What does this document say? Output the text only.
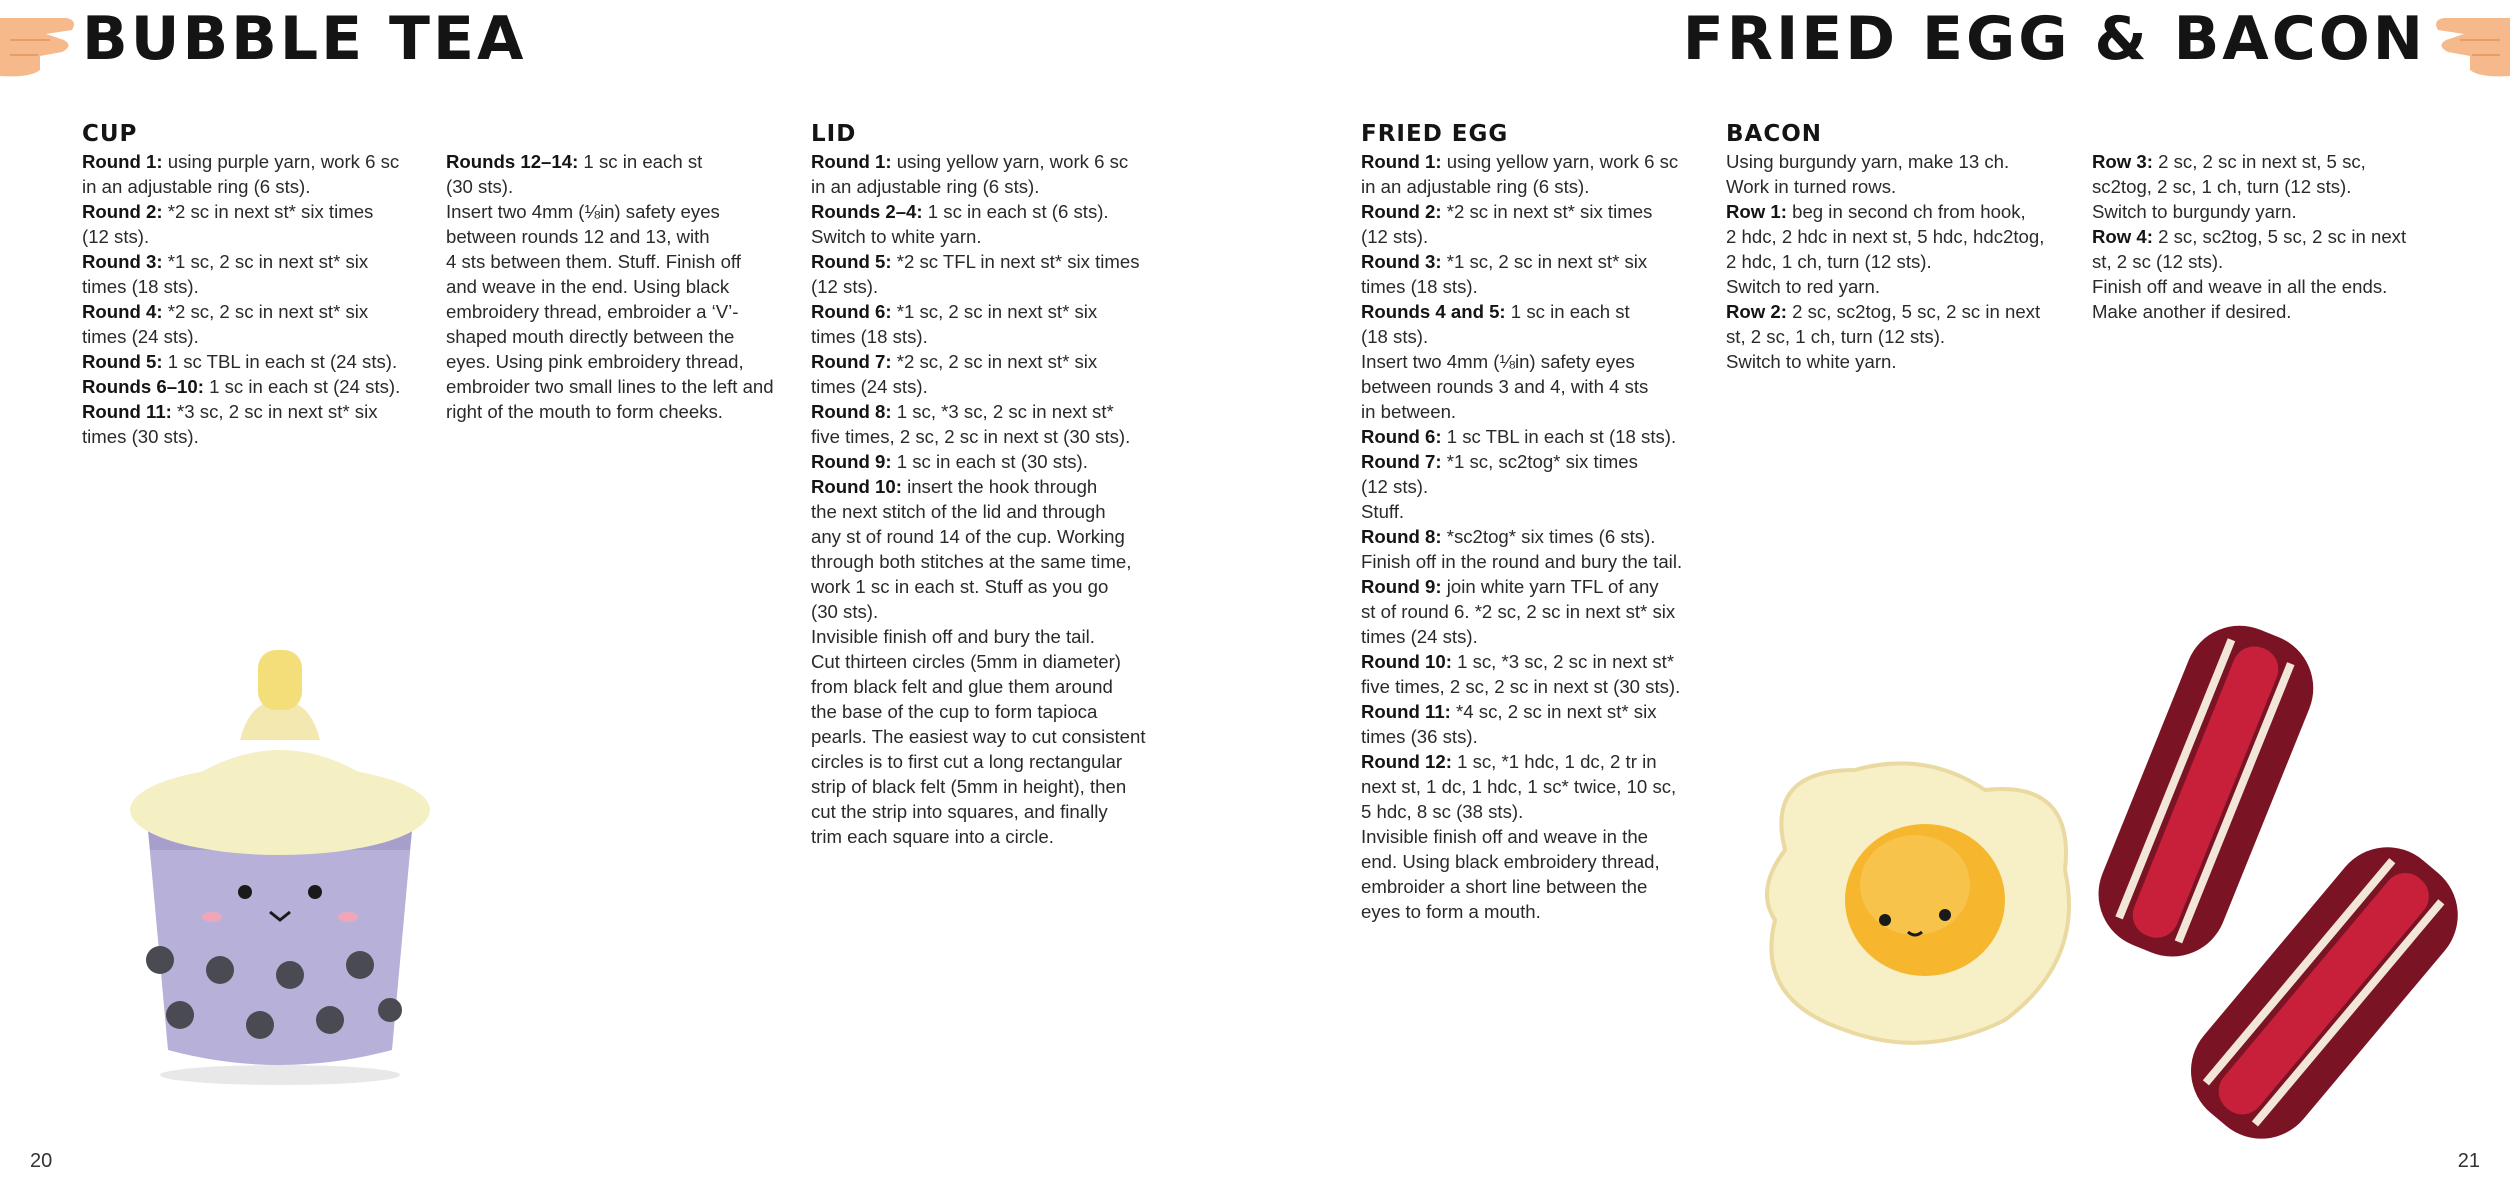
BUBBLE TEA
CUP
Round 1: using purple yarn, work 6 sc
in an adjustable ring (6 sts).
Round 2: *2 sc in next st* six times
(12 sts).
Round 3: *1 sc, 2 sc in next st* six
times (18 sts).
Round 4: *2 sc, 2 sc in next st* six
times (24 sts).
Round 5: 1 sc TBL in each st (24 sts).
Rounds 6–10: 1 sc in each st (24 sts).
Round 11: *3 sc, 2 sc in next st* six
times (30 sts).
Rounds 12–14: 1 sc in each st
(30 sts).
Insert two 4mm (⅛in) safety eyes
between rounds 12 and 13, with
4 sts between them. Stuff. Finish off
and weave in the end. Using black
embroidery thread, embroider a ‘V’-
shaped mouth directly between the
eyes. Using pink embroidery thread,
embroider two small lines to the left and
right of the mouth to form cheeks.
LID
Round 1: using yellow yarn, work 6 sc
in an adjustable ring (6 sts).
Rounds 2–4: 1 sc in each st (6 sts).
Switch to white yarn.
Round 5: *2 sc TFL in next st* six times
(12 sts).
Round 6: *1 sc, 2 sc in next st* six
times (18 sts).
Round 7: *2 sc, 2 sc in next st* six
times (24 sts).
Round 8: 1 sc, *3 sc, 2 sc in next st*
five times, 2 sc, 2 sc in next st (30 sts).
Round 9: 1 sc in each st (30 sts).
Round 10: insert the hook through
the next stitch of the lid and through
any st of round 14 of the cup. Working
through both stitches at the same time,
work 1 sc in each st. Stuff as you go
(30 sts).
Invisible finish off and bury the tail.
Cut thirteen circles (5mm in diameter)
from black felt and glue them around
the base of the cup to form tapioca
pearls. The easiest way to cut consistent
circles is to first cut a long rectangular
strip of black felt (5mm in height), then
cut the strip into squares, and finally
trim each square into a circle.
20
FRIED EGG & BACON
FRIED EGG
Round 1: using yellow yarn, work 6 sc
in an adjustable ring (6 sts).
Round 2: *2 sc in next st* six times
(12 sts).
Round 3: *1 sc, 2 sc in next st* six
times (18 sts).
Rounds 4 and 5: 1 sc in each st
(18 sts).
Insert two 4mm (⅛in) safety eyes
between rounds 3 and 4, with 4 sts
in between.
Round 6: 1 sc TBL in each st (18 sts).
Round 7: *1 sc, sc2tog* six times
(12 sts).
Stuff.
Round 8: *sc2tog* six times (6 sts).
Finish off in the round and bury the tail.
Round 9: join white yarn TFL of any
st of round 6. *2 sc, 2 sc in next st* six
times (24 sts).
Round 10: 1 sc, *3 sc, 2 sc in next st*
five times, 2 sc, 2 sc in next st (30 sts).
Round 11: *4 sc, 2 sc in next st* six
times (36 sts).
Round 12: 1 sc, *1 hdc, 1 dc, 2 tr in
next st, 1 dc, 1 hdc, 1 sc* twice, 10 sc,
5 hdc, 8 sc (38 sts).
Invisible finish off and weave in the
end. Using black embroidery thread,
embroider a short line between the
eyes to form a mouth.
BACON
Using burgundy yarn, make 13 ch.
Work in turned rows.
Row 1: beg in second ch from hook,
2 hdc, 2 hdc in next st, 5 hdc, hdc2tog,
2 hdc, 1 ch, turn (12 sts).
Switch to red yarn.
Row 2: 2 sc, sc2tog, 5 sc, 2 sc in next
st, 2 sc, 1 ch, turn (12 sts).
Switch to white yarn.
Row 3: 2 sc, 2 sc in next st, 5 sc,
sc2tog, 2 sc, 1 ch, turn (12 sts).
Switch to burgundy yarn.
Row 4: 2 sc, sc2tog, 5 sc, 2 sc in next
st, 2 sc (12 sts).
Finish off and weave in all the ends.
Make another if desired.
21
